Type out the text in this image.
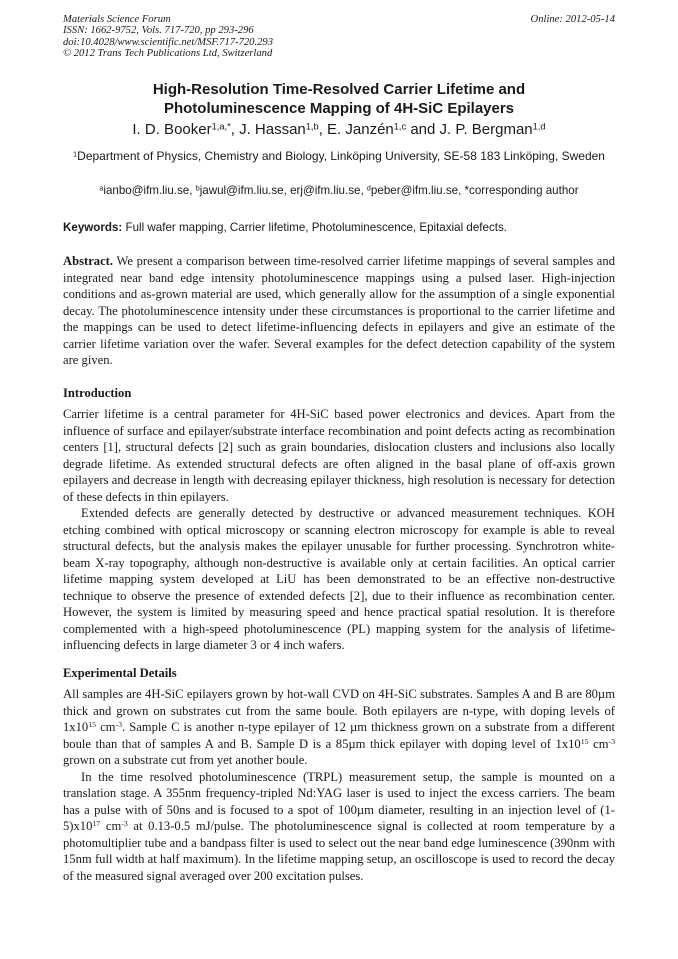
Materials Science Forum
ISSN: 1662-9752, Vols. 717-720, pp 293-296
doi:10.4028/www.scientific.net/MSF.717-720.293
© 2012 Trans Tech Publications Ltd, Switzerland
Online: 2012-05-14
High-Resolution Time-Resolved Carrier Lifetime and
Photoluminescence Mapping of 4H-SiC Epilayers
I. D. Booker$^{1,a,*}$, J. Hassan$^{1,b}$, E. Janzén$^{1,c}$ and J. P. Bergman$^{1,d}$
$^1$Department of Physics, Chemistry and Biology, Linköping University, SE-58 183 Linköping, Sweden
$^a$ianbo@ifm.liu.se, $^b$jawul@ifm.liu.se, erj@ifm.liu.se, $^d$peber@ifm.liu.se, *corresponding author
Keywords: Full wafer mapping, Carrier lifetime, Photoluminescence, Epitaxial defects.
Abstract. We present a comparison between time-resolved carrier lifetime mappings of several samples and integrated near band edge intensity photoluminescence mappings using a pulsed laser. High-injection conditions and as-grown material are used, which generally allow for the assumption of a single exponential decay. The photoluminescence intensity under these circumstances is proportional to the carrier lifetime and the mappings can be used to detect lifetime-influencing defects in epilayers and give an estimate of the carrier lifetime variation over the wafer. Several examples for the defect detection capability of the system are given.
Introduction

Carrier lifetime is a central parameter for 4H-SiC based power electronics and devices. Apart from the influence of surface and epilayer/substrate interface recombination and point defects acting as recombination centers [1], structural defects [2] such as grain boundaries, dislocation clusters and inclusions also locally degrade lifetime. As extended structural defects are often aligned in the basal plane of off-axis grown epilayers and decrease in length with decreasing epilayer thickness, high resolution is necessary for detection of these defects in thin epilayers.

Extended defects are generally detected by destructive or advanced measurement techniques. KOH etching combined with optical microscopy or scanning electron microscopy for example is able to reveal structural defects, but the analysis makes the epilayer unusable for further processing. Synchrotron white-beam X-ray topography, although non-destructive is available only at certain facilities. An optical carrier lifetime mapping system developed at LiU has been demonstrated to be an effective non-destructive technique to observe the presence of extended defects [2], due to their influence as recombination center. However, the system is limited by measuring speed and hence practical spatial resolution. It is therefore complemented with a high-speed photoluminescence (PL) mapping system for the analysis of lifetime-influencing defects in large diameter 3 or 4 inch wafers.

Experimental Details

All samples are 4H-SiC epilayers grown by hot-wall CVD on 4H-SiC substrates. Samples A and B are 80µm thick and grown on substrates cut from the same boule. Both epilayers are n-type, with doping levels of $1x10^{15}$ $cm^{-3}$. Sample C is another n-type epilayer of 12 µm thickness grown on a substrate from a different boule than that of samples A and B. Sample D is a 85µm thick epilayer with doping level of $1x10^{15}$ $cm^{-3}$ grown on a substrate cut from yet another boule.

In the time resolved photoluminescence (TRPL) measurement setup, the sample is mounted on a translation stage. A 355nm frequency-tripled Nd:YAG laser is used to inject the excess carriers. The beam has a pulse with of 50ns and is focused to a spot of 100µm diameter, resulting in an injection level of $(1-5)x10^{17}$ $cm^{-3}$ at 0.13-0.5 mJ/pulse. The photoluminescence signal is collected at room temperature by a photomultiplier tube and a bandpass filter is used to select out the near band edge luminescence (390nm with 15nm full width at half maximum). In the lifetime mapping setup, an oscilloscope is used to record the decay of the measured signal averaged over 200 excitation pulses.
